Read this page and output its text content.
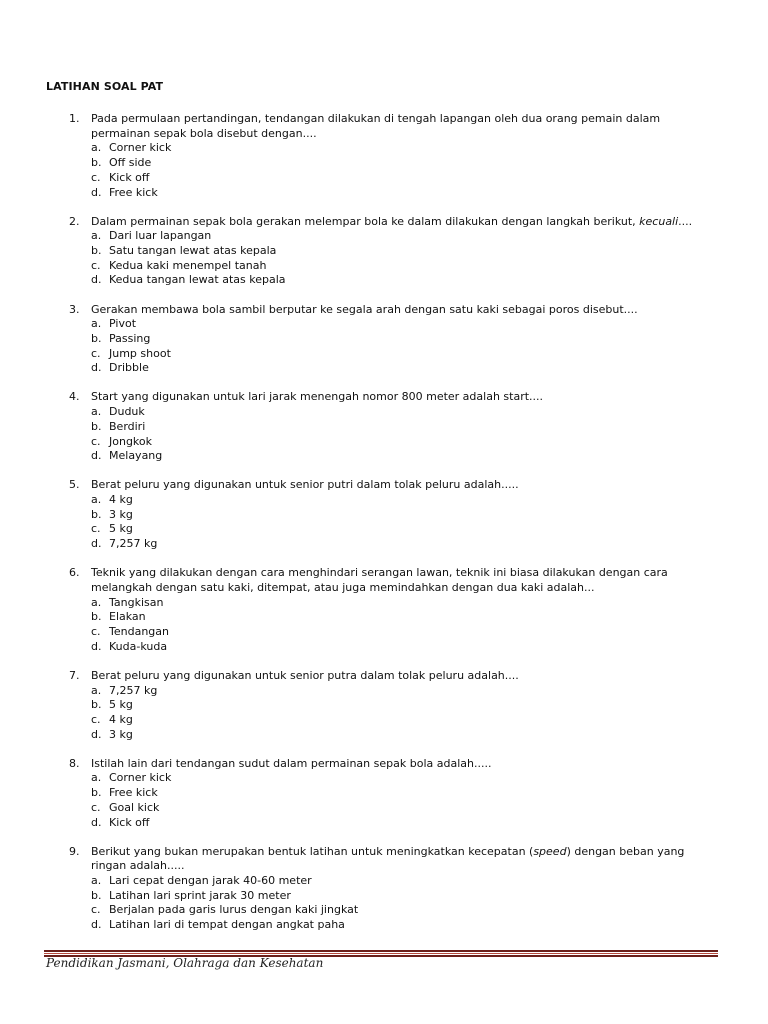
LATIHAN SOAL PAT
1. Pada permulaan pertandingan, tendangan dilakukan di tengah lapangan oleh dua orang pemain dalam permainan sepak bola disebut dengan....
a. Corner kick
b. Off side
c. Kick off
d. Free kick
2. Dalam permainan sepak bola gerakan melempar bola ke dalam dilakukan dengan langkah berikut, kecuali....
a. Dari luar lapangan
b. Satu tangan lewat atas kepala
c. Kedua kaki menempel tanah
d. Kedua tangan lewat atas kepala
3. Gerakan membawa bola sambil berputar ke segala arah dengan satu kaki sebagai poros disebut....
a. Pivot
b. Passing
c. Jump shoot
d. Dribble
4. Start yang digunakan untuk lari jarak menengah nomor 800 meter adalah start....
a. Duduk
b. Berdiri
c. Jongkok
d. Melayang
5. Berat peluru yang digunakan untuk senior putri dalam tolak peluru adalah.....
a. 4 kg
b. 3 kg
c. 5 kg
d. 7,257 kg
6. Teknik yang dilakukan dengan cara menghindari serangan lawan, teknik ini biasa dilakukan dengan cara melangkah dengan satu kaki, ditempat, atau juga memindahkan dengan dua kaki adalah...
a. Tangkisan
b. Elakan
c. Tendangan
d. Kuda-kuda
7. Berat peluru yang digunakan untuk senior putra dalam tolak peluru adalah....
a. 7,257 kg
b. 5 kg
c. 4 kg
d. 3 kg
8. Istilah lain dari tendangan sudut dalam permainan sepak bola adalah.....
a. Corner kick
b. Free kick
c. Goal kick
d. Kick off
9. Berikut yang bukan merupakan bentuk latihan untuk meningkatkan kecepatan (speed) dengan beban yang ringan adalah.....
a. Lari cepat dengan jarak 40-60 meter
b. Latihan lari sprint jarak 30 meter
c. Berjalan pada garis lurus dengan kaki jingkat
d. Latihan lari di tempat dengan angkat paha
Pendidikan Jasmani, Olahraga dan Kesehatan
